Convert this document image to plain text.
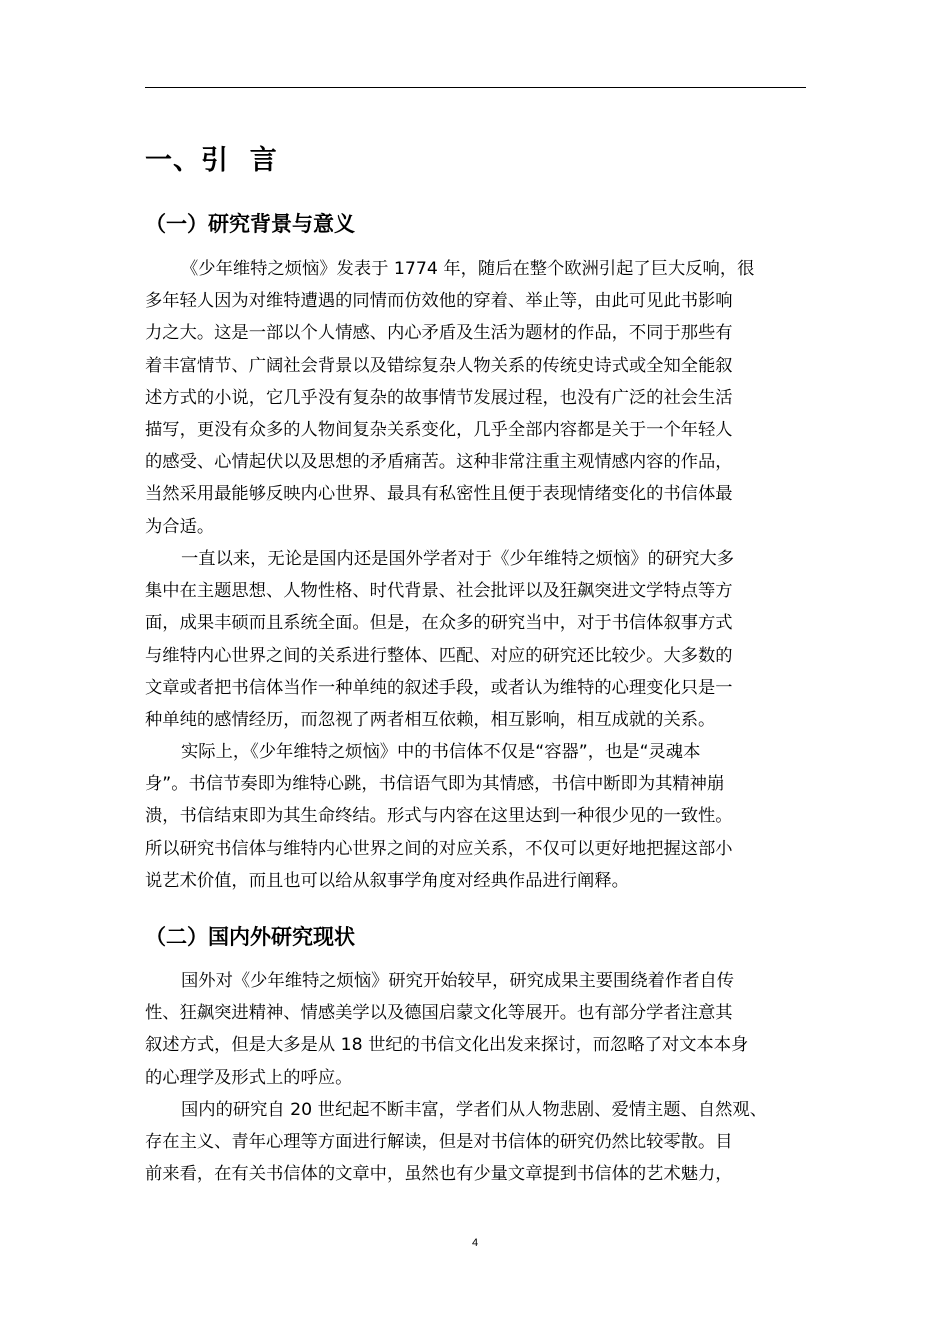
一、引  言
（一）研究背景与意义

《少年维特之烦恼》发表于 1774 年，随后在整个欧洲引起了巨大反响，很
多年轻人因为对维特遭遇的同情而仿效他的穿着、举止等，由此可见此书影响
力之大。这是一部以个人情感、内心矛盾及生活为题材的作品，不同于那些有
着丰富情节、广阔社会背景以及错综复杂人物关系的传统史诗式或全知全能叙
述方式的小说，它几乎没有复杂的故事情节发展过程，也没有广泛的社会生活
描写，更没有众多的人物间复杂关系变化，几乎全部内容都是关于一个年轻人
的感受、心情起伏以及思想的矛盾痛苦。这种非常注重主观情感内容的作品，
当然采用最能够反映内心世界、最具有私密性且便于表现情绪变化的书信体最
为合适。

一直以来，无论是国内还是国外学者对于《少年维特之烦恼》的研究大多
集中在主题思想、人物性格、时代背景、社会批评以及狂飙突进文学特点等方
面，成果丰硕而且系统全面。但是，在众多的研究当中，对于书信体叙事方式
与维特内心世界之间的关系进行整体、匹配、对应的研究还比较少。大多数的
文章或者把书信体当作一种单纯的叙述手段，或者认为维特的心理变化只是一
种单纯的感情经历，而忽视了两者相互依赖，相互影响，相互成就的关系。

实际上，《少年维特之烦恼》中的书信体不仅是“容器”，也是“灵魂本
身”。书信节奏即为维特心跳，书信语气即为其情感，书信中断即为其精神崩
溃，书信结束即为其生命终结。形式与内容在这里达到一种很少见的一致性。
所以研究书信体与维特内心世界之间的对应关系，不仅可以更好地把握这部小
说艺术价值，而且也可以给从叙事学角度对经典作品进行阐释。

（二）国内外研究现状

国外对《少年维特之烦恼》研究开始较早，研究成果主要围绕着作者自传
性、狂飙突进精神、情感美学以及德国启蒙文化等展开。也有部分学者注意其
叙述方式，但是大多是从 18 世纪的书信文化出发来探讨，而忽略了对文本本身
的心理学及形式上的呼应。

国内的研究自 20 世纪起不断丰富，学者们从人物悲剧、爱情主题、自然观、
存在主义、青年心理等方面进行解读，但是对书信体的研究仍然比较零散。目
前来看，在有关书信体的文章中，虽然也有少量文章提到书信体的艺术魅力，

4
